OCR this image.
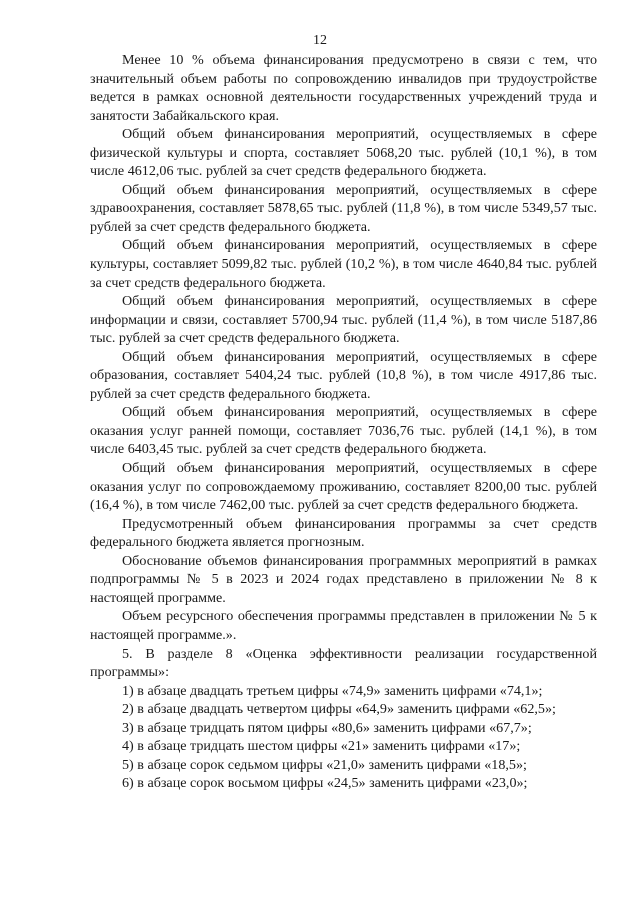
12

Менее 10 % объема финансирования предусмотрено в связи с тем, что значительный объем работы по сопровождению инвалидов при трудоустройстве ведется в рамках основной деятельности государственных учреждений труда и занятости Забайкальского края.

Общий объем финансирования мероприятий, осуществляемых в сфере физической культуры и спорта, составляет 5068,20 тыс. рублей (10,1 %), в том числе 4612,06 тыс. рублей за счет средств федерального бюджета.

Общий объем финансирования мероприятий, осуществляемых в сфере здравоохранения, составляет 5878,65 тыс. рублей (11,8 %), в том числе 5349,57 тыс. рублей за счет средств федерального бюджета.

Общий объем финансирования мероприятий, осуществляемых в сфере культуры, составляет 5099,82 тыс. рублей (10,2 %), в том числе 4640,84 тыс. рублей за счет средств федерального бюджета.

Общий объем финансирования мероприятий, осуществляемых в сфере информации и связи, составляет 5700,94 тыс. рублей (11,4 %), в том числе 5187,86 тыс. рублей за счет средств федерального бюджета.

Общий объем финансирования мероприятий, осуществляемых в сфере образования, составляет 5404,24 тыс. рублей (10,8 %), в том числе 4917,86 тыс. рублей за счет средств федерального бюджета.

Общий объем финансирования мероприятий, осуществляемых в сфере оказания услуг ранней помощи, составляет 7036,76 тыс. рублей (14,1 %), в том числе 6403,45 тыс. рублей за счет средств федерального бюджета.

Общий объем финансирования мероприятий, осуществляемых в сфере оказания услуг по сопровождаемому проживанию, составляет 8200,00 тыс. рублей (16,4 %), в том числе 7462,00 тыс. рублей за счет средств федерального бюджета.

Предусмотренный объем финансирования программы за счет средств федерального бюджета является прогнозным.

Обоснование объемов финансирования программных мероприятий в рамках подпрограммы № 5 в 2023 и 2024 годах представлено в приложении № 8 к настоящей программе.

Объем ресурсного обеспечения программы представлен в приложении № 5 к настоящей программе.».

5. В разделе 8 «Оценка эффективности реализации государственной программы»:

1) в абзаце двадцать третьем цифры «74,9» заменить цифрами «74,1»;

2) в абзаце двадцать четвертом цифры «64,9» заменить цифрами «62,5»;

3) в абзаце тридцать пятом цифры «80,6» заменить цифрами «67,7»;

4) в абзаце тридцать шестом цифры «21» заменить цифрами «17»;

5) в абзаце сорок седьмом цифры «21,0» заменить цифрами «18,5»;

6) в абзаце сорок восьмом цифры «24,5» заменить цифрами «23,0»;
